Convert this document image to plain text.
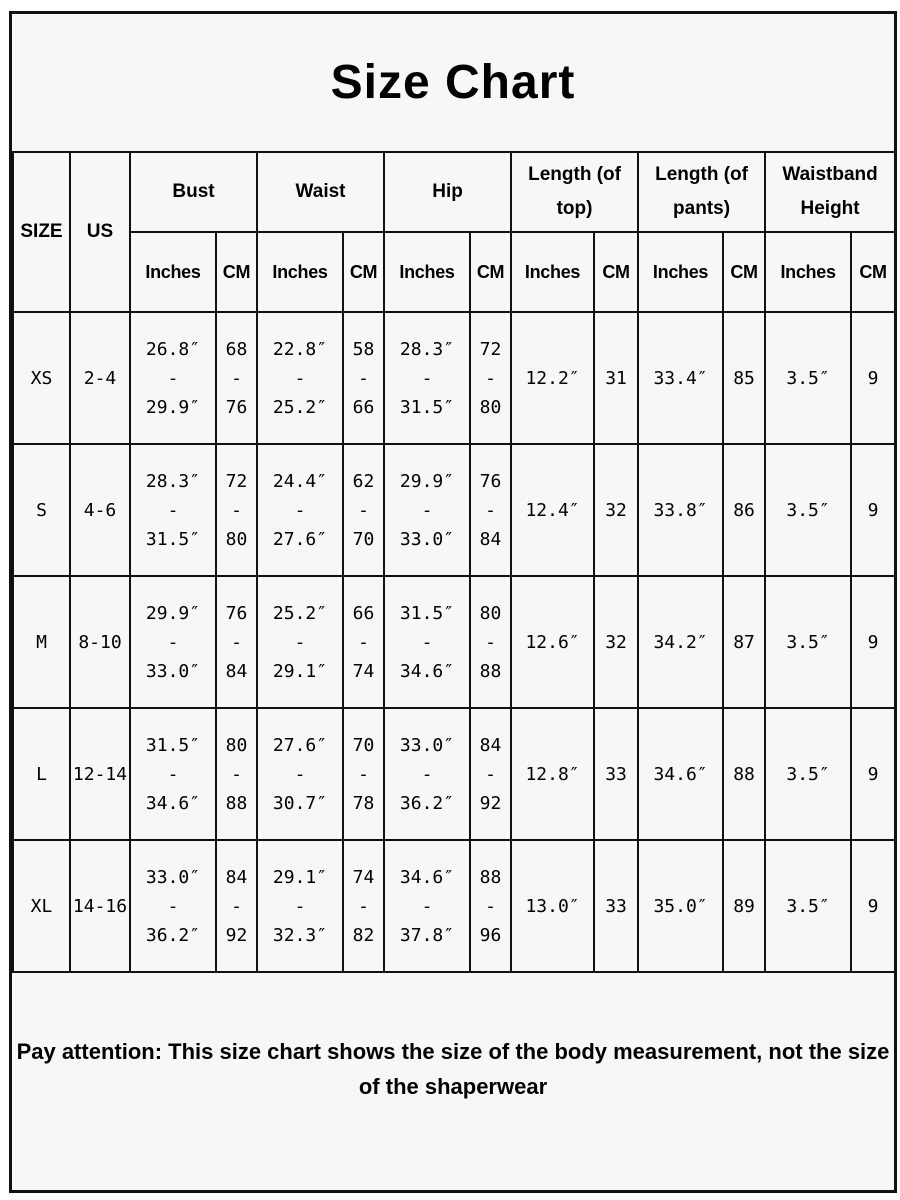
Size Chart
SIZE	US	Bust		Waist		Hip		Length (of top)		Length (of pants)		Waistband Height	
		Inches	CM	Inches	CM	Inches	CM	Inches	CM	Inches	CM	Inches	CM
XS	2-4	26.8″
-
29.9″	68
-
76	22.8″
-
25.2″	58
-
66	28.3″
-
31.5″	72
-
80	12.2″	31	33.4″	85	3.5″	9
S	4-6	28.3″
-
31.5″	72
-
80	24.4″
-
27.6″	62
-
70	29.9″
-
33.0″	76
-
84	12.4″	32	33.8″	86	3.5″	9
M	8-10	29.9″
-
33.0″	76
-
84	25.2″
-
29.1″	66
-
74	31.5″
-
34.6″	80
-
88	12.6″	32	34.2″	87	3.5″	9
L	12-14	31.5″
-
34.6″	80
-
88	27.6″
-
30.7″	70
-
78	33.0″
-
36.2″	84
-
92	12.8″	33	34.6″	88	3.5″	9
XL	14-16	33.0″
-
36.2″	84
-
92	29.1″
-
32.3″	74
-
82	34.6″
-
37.8″	88
-
96	13.0″	33	35.0″	89	3.5″	9
Pay attention: This size chart shows the size of the body measurement, not the size of the shaperwear
